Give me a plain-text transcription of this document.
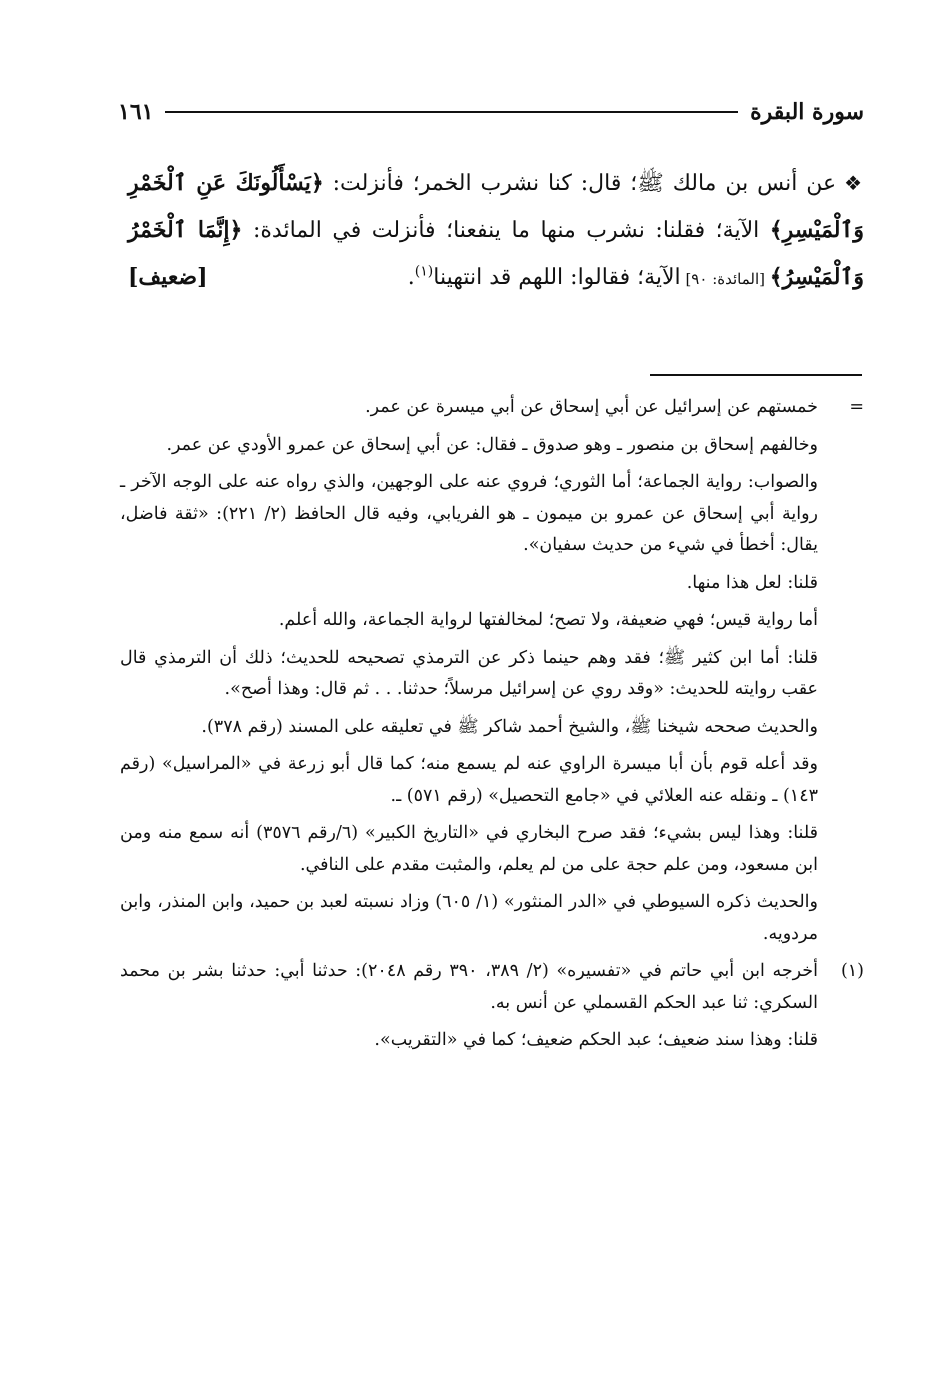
سورة البقرة
١٦١
❖عن أنس بن مالك ﷺ؛ قال: كنا نشرب الخمر؛ فأنزلت: ﴿يَسْأَلُونَكَ عَنِ ٱلْخَمْرِ وَٱلْمَيْسِرِ﴾ الآية؛ فقلنا: نشرب منها ما ينفعنا؛ فأنزلت في المائدة: ﴿إِنَّمَا ٱلْخَمْرُ وَٱلْمَيْسِرُ﴾ [المائدة: ٩٠] الآية؛ فقالوا: اللهم قد انتهينا$^{(١)}$.
[ضعيف]

=
خمستهم عن إسرائيل عن أبي إسحاق عن أبي ميسرة عن عمر.

وخالفهم إسحاق بن منصور ـ وهو صدوق ـ فقال: عن أبي إسحاق عن عمرو الأودي عن عمر.

والصواب: رواية الجماعة؛ أما الثوري؛ فروي عنه على الوجهين، والذي رواه عنه على الوجه الآخر ـ رواية أبي إسحاق عن عمرو بن ميمون ـ هو الفريابي، وفيه قال الحافظ (٢/ ٢٢١): «ثقة فاضل، يقال: أخطأ في شيء من حديث سفيان».

قلنا: لعل هذا منها.

أما رواية قيس؛ فهي ضعيفة، ولا تصح؛ لمخالفتها لرواية الجماعة، والله أعلم.

قلنا: أما ابن كثير ﷺ؛ فقد وهم حينما ذكر عن الترمذي تصحيحه للحديث؛ ذلك أن الترمذي قال عقب روايته للحديث: «وقد روي عن إسرائيل مرسلاً؛ حدثنا. . . ثم قال: وهذا أصح».

والحديث صححه شيخنا ﷺ، والشيخ أحمد شاكر ﷺ في تعليقه على المسند (رقم ٣٧٨).

وقد أعله قوم بأن أبا ميسرة الراوي عنه لم يسمع منه؛ كما قال أبو زرعة في «المراسيل» (رقم ١٤٣) ـ ونقله عنه العلائي في «جامع التحصيل» (رقم ٥٧١) ـ.

قلنا: وهذا ليس بشيء؛ فقد صرح البخاري في «التاريخ الكبير» (٦/رقم ٣٥٧٦) أنه سمع منه ومن ابن مسعود، ومن علم حجة على من لم يعلم، والمثبت مقدم على النافي.

والحديث ذكره السيوطي في «الدر المنثور» (١/ ٦٠٥) وزاد نسبته لعبد بن حميد، وابن المنذر، وابن مردويه.

(١)
أخرجه ابن أبي حاتم في «تفسيره» (٢/ ٣٨٩، ٣٩٠ رقم ٢٠٤٨): حدثنا أبي: حدثنا بشر بن محمد السكري: ثنا عبد الحكم القسملي عن أنس به.

قلنا: وهذا سند ضعيف؛ عبد الحكم ضعيف؛ كما في «التقريب».
